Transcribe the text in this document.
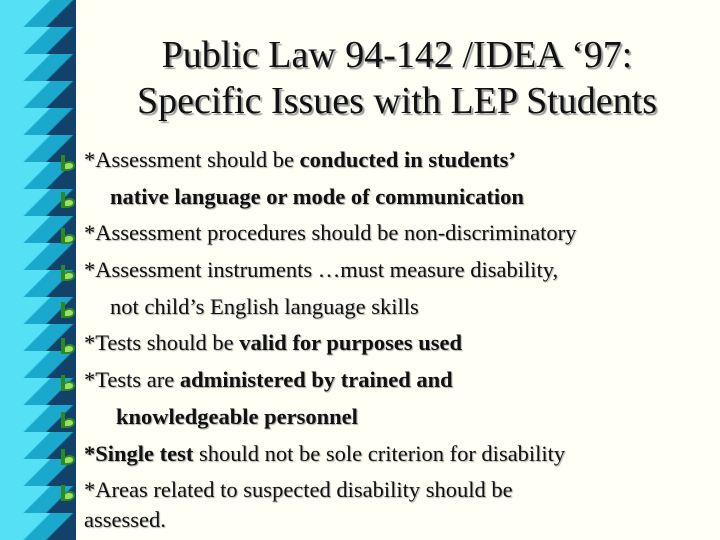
Public Law 94-142 /IDEA ‘97:
Specific Issues with LEP Students
*Assessment should be conducted in students’
native language or mode of communication
*Assessment procedures should be non-discriminatory
*Assessment instruments …must measure disability,
not child’s English language skills
*Tests should be valid for purposes used
*Tests are administered by trained and
knowledgeable personnel
*Single test should not be sole criterion for disability
*Areas related to suspected disability should be
assessed.
